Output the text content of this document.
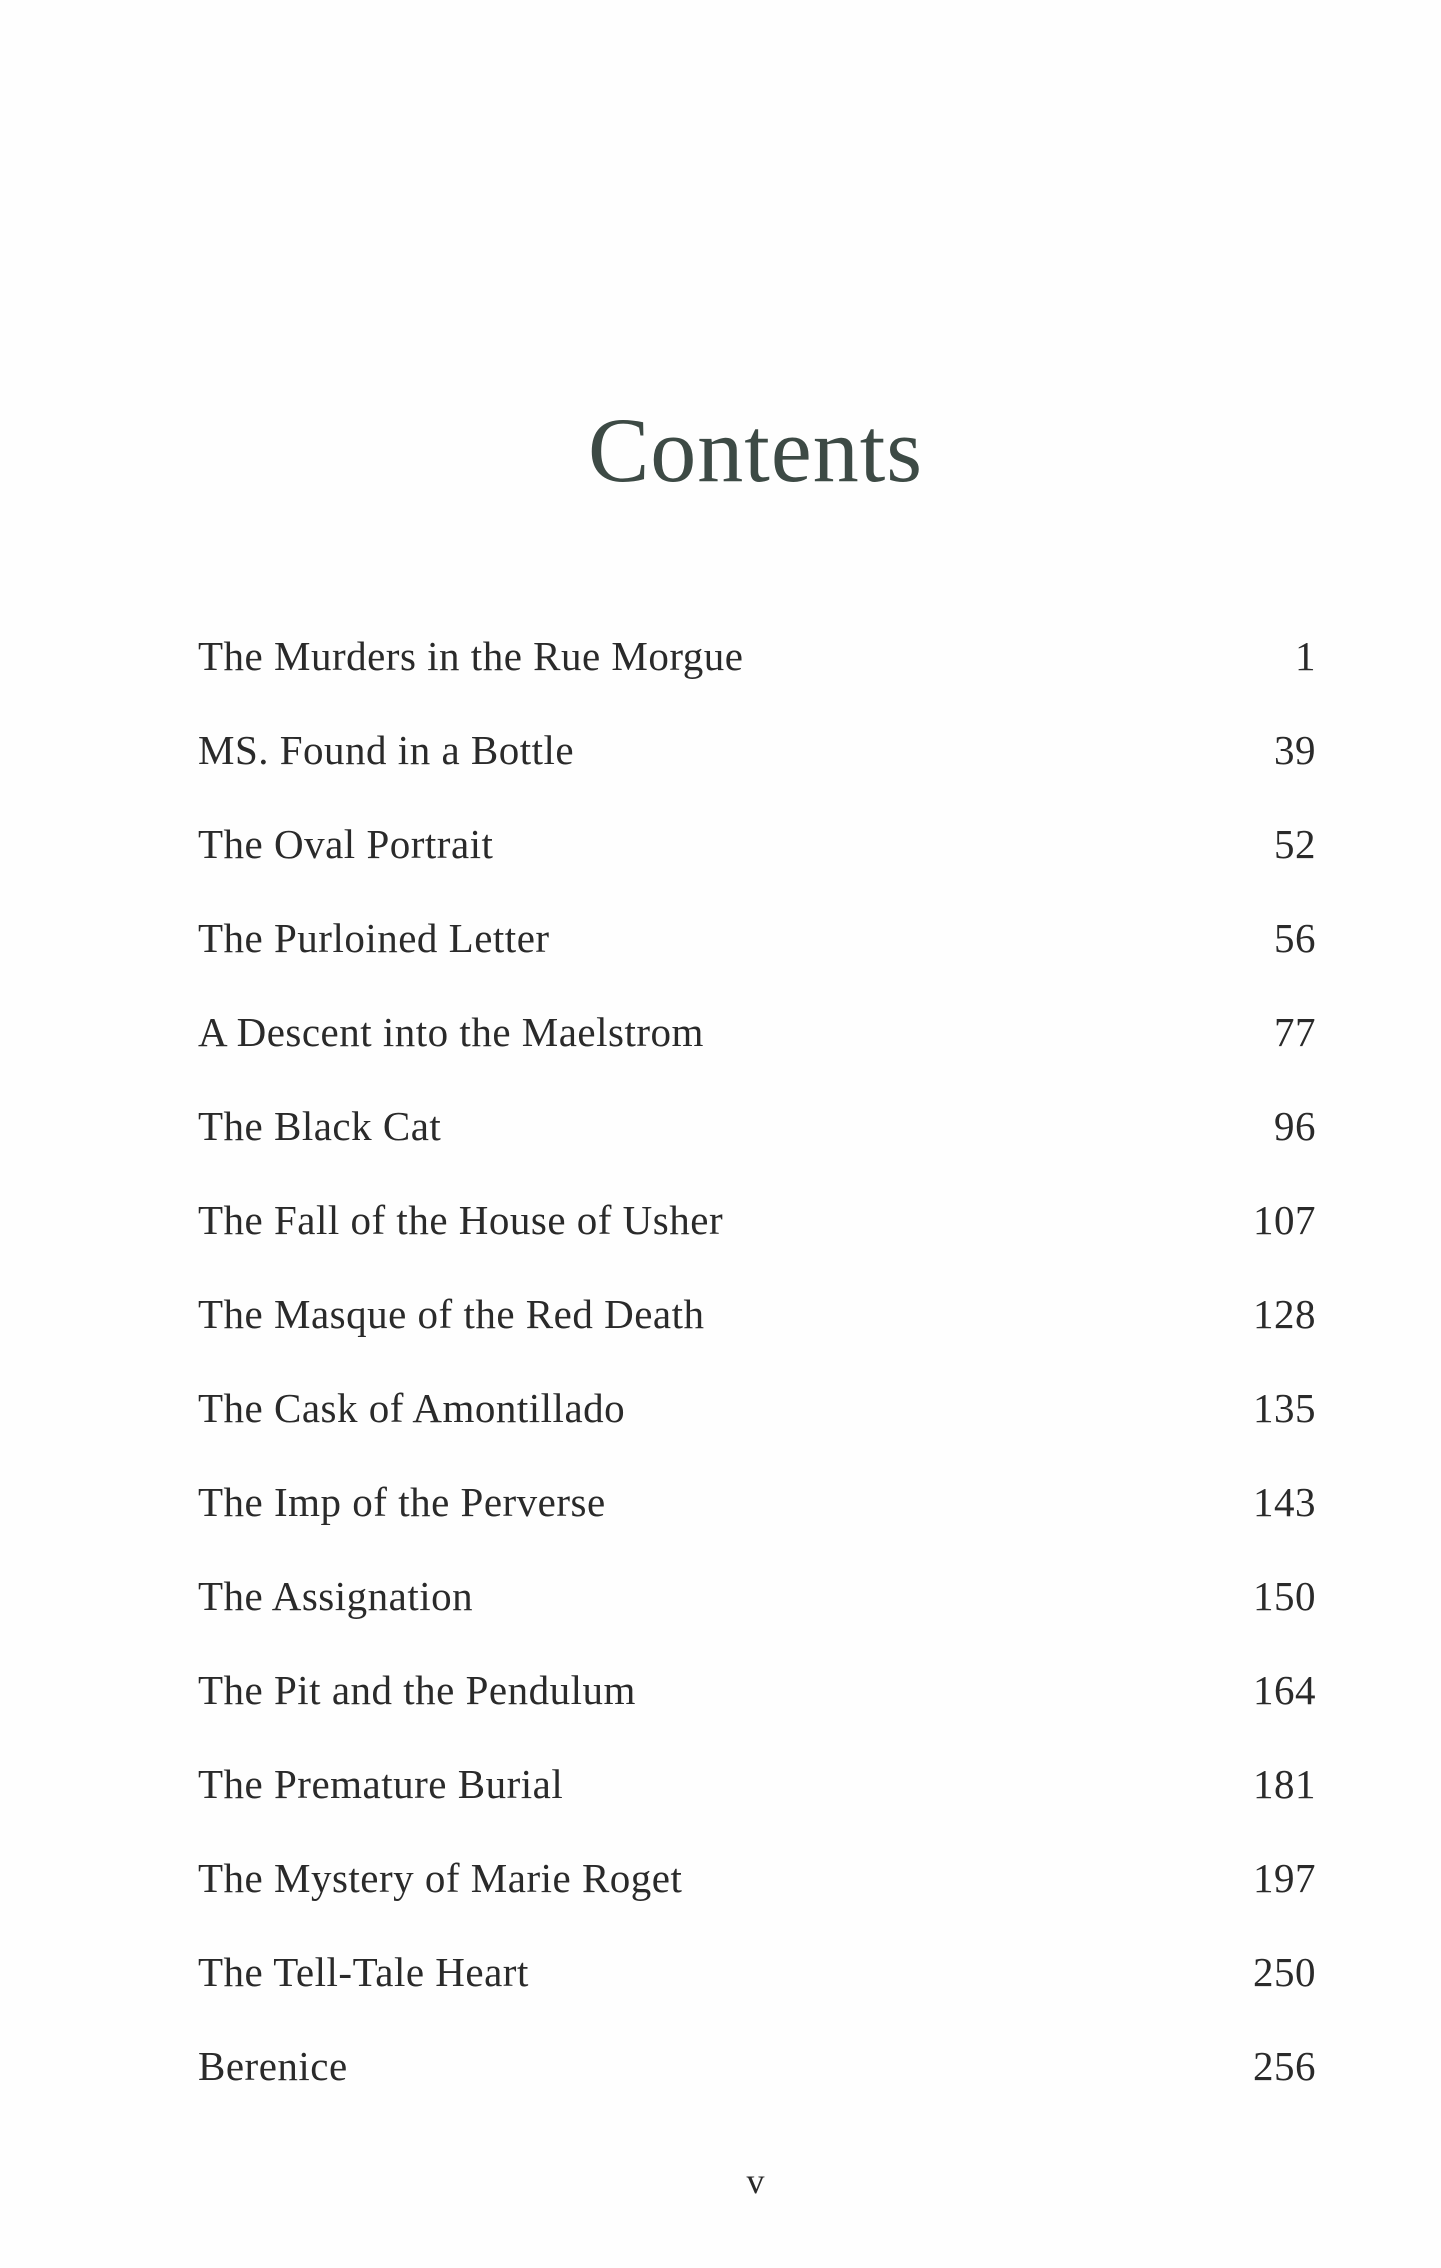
Contents
The Murders in the Rue Morgue	1
MS. Found in a Bottle	39
The Oval Portrait	52
The Purloined Letter	56
A Descent into the Maelstrom	77
The Black Cat	96
The Fall of the House of Usher	107
The Masque of the Red Death	128
The Cask of Amontillado	135
The Imp of the Perverse	143
The Assignation	150
The Pit and the Pendulum	164
The Premature Burial	181
The Mystery of Marie Roget	197
The Tell-Tale Heart	250
Berenice	256
v
